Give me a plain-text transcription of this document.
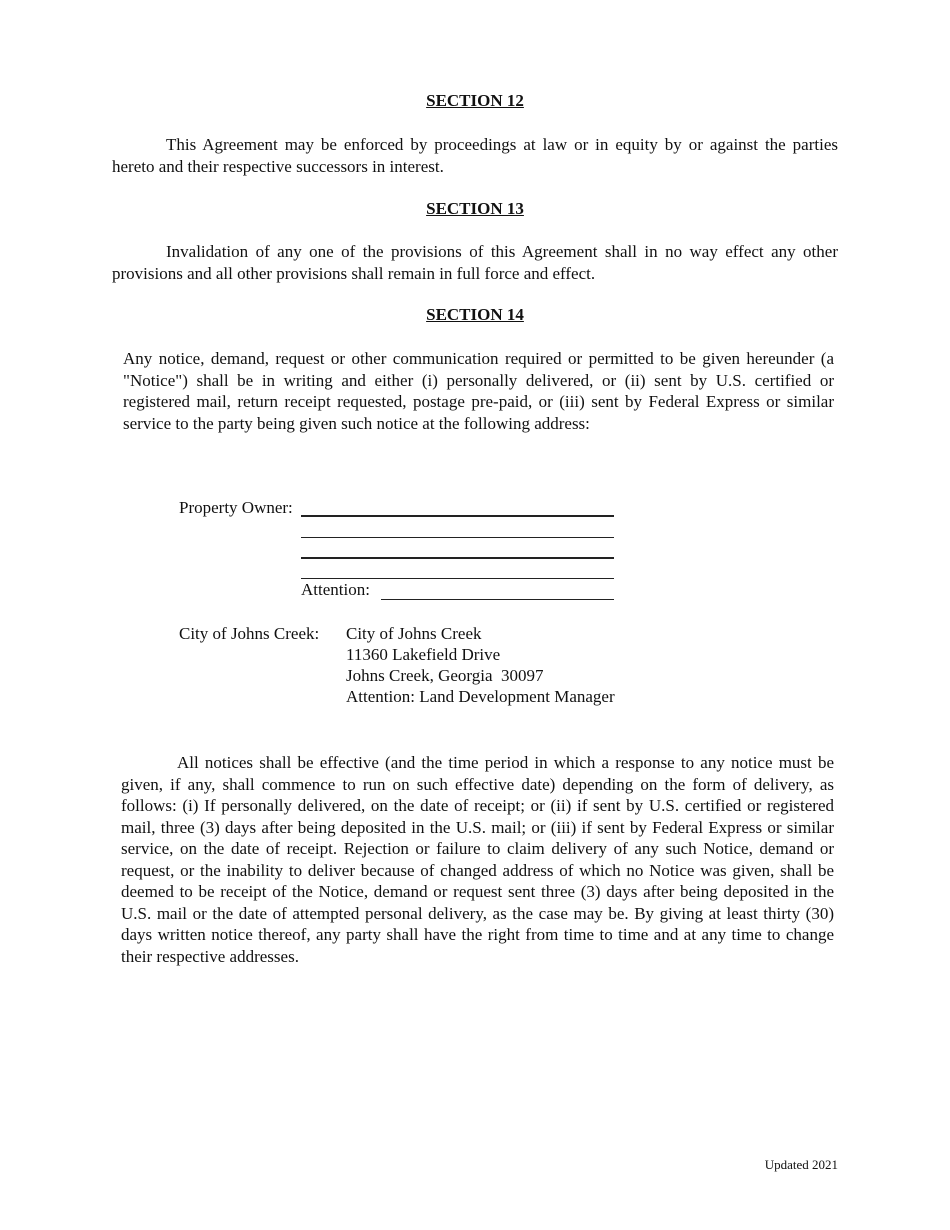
SECTION 12

This Agreement may be enforced by proceedings at law or in equity by or against the parties hereto and their respective successors in interest.

SECTION 13

Invalidation of any one of the provisions of this Agreement shall in no way effect any other provisions and all other provisions shall remain in full force and effect.

SECTION 14

Any notice, demand, request or other communication required or permitted to be given hereunder (a "Notice") shall be in writing and either (i) personally delivered, or (ii) sent by U.S. certified or registered mail, return receipt requested, postage pre-paid, or (iii) sent by Federal Express or similar service to the party being given such notice at the following address:

Property Owner:
Attention:
City of Johns Creek: City of Johns Creek
11360 Lakefield Drive
Johns Creek, Georgia  30097
Attention: Land Development Manager

All notices shall be effective (and the time period in which a response to any notice must be given, if any, shall commence to run on such effective date) depending on the form of delivery, as follows: (i) If personally delivered, on the date of receipt; or (ii) if sent by U.S. certified or registered mail, three (3) days after being deposited in the U.S. mail; or (iii) if sent by Federal Express or similar service, on the date of receipt. Rejection or failure to claim delivery of any such Notice, demand or request, or the inability to deliver because of changed address of which no Notice was given, shall be deemed to be receipt of the Notice, demand or request sent three (3) days after being deposited in the U.S. mail or the date of attempted personal delivery, as the case may be. By giving at least thirty (30) days written notice thereof, any party shall have the right from time to time and at any time to change their respective addresses.

Updated 2021
